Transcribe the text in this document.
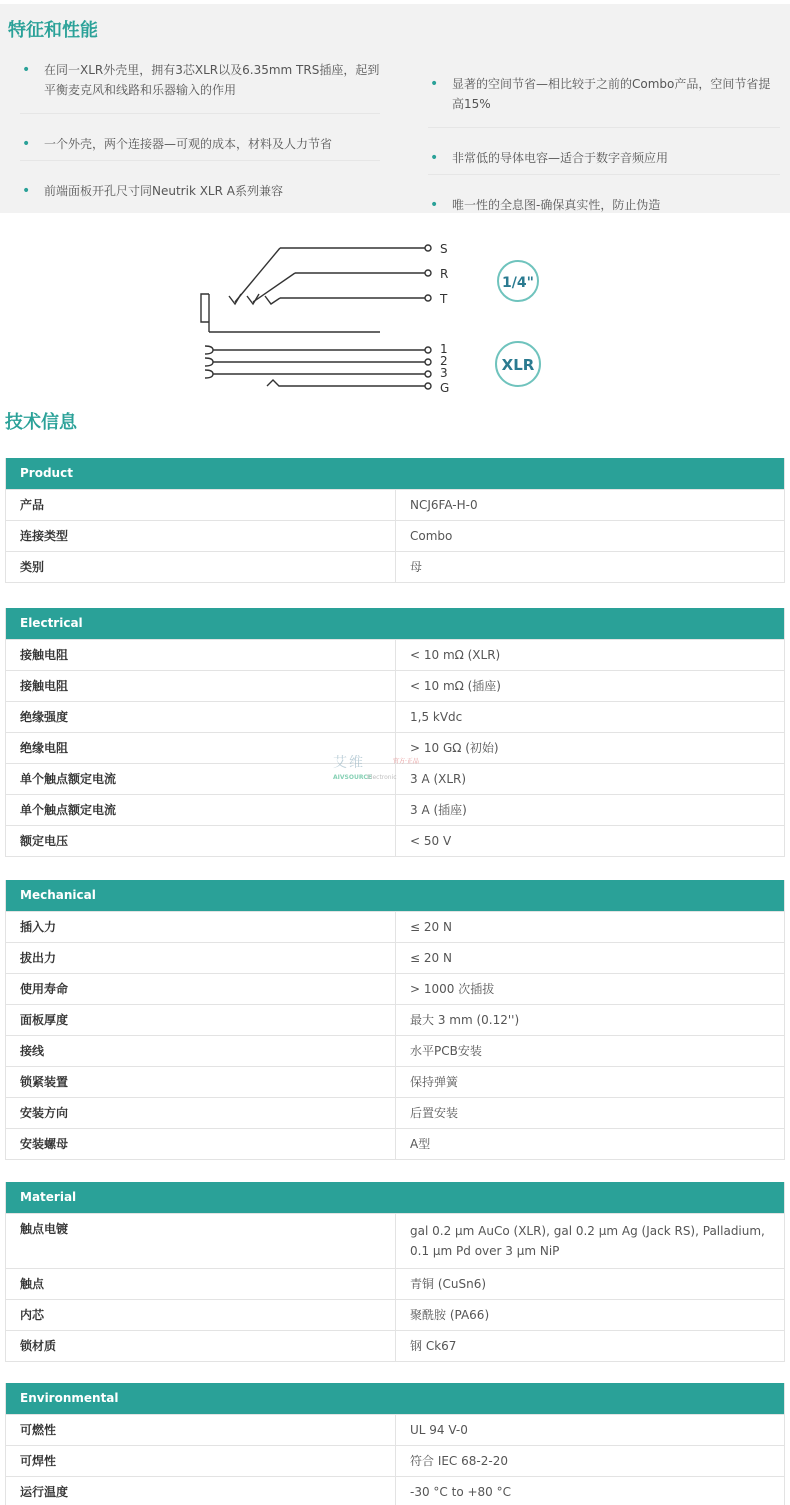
特征和性能
• 在同一XLR外壳里，拥有3芯XLR以及6.35mm TRS插座，起到平衡麦克风和线路和乐器输入的作用
• 一个外壳，两个连接器—可观的成本，材料及人力节省
• 前端面板开孔尺寸同Neutrik XLR A系列兼容
• 显著的空间节省—相比较于之前的Combo产品，空间节省提高15%
• 非常低的导体电容—适合于数字音频应用
• 唯一性的全息图-确保真实性，防止伪造
S
R
T
1
2
3
G
1/4"
XLR
技术信息
Product
产品	NCJ6FA-H-0
连接类型	Combo
类别	母
Electrical
接触电阻	< 10 mΩ (XLR)
接触电阻	< 10 mΩ (插座)
绝缘强度	1,5 kVdc
绝缘电阻	> 10 GΩ (初始)
单个触点额定电流	3 A (XLR)
单个触点额定电流	3 A (插座)
额定电压	< 50 V
Mechanical
插入力	≤ 20 N
拔出力	≤ 20 N
使用寿命	> 1000 次插拔
面板厚度	最大 3 mm (0.12'')
接线	水平PCB安装
锁紧装置	保持弹簧
安装方向	后置安装
安装螺母	A型
Material
触点电镀	gal 0.2 µm AuCo (XLR), gal 0.2 µm Ag (Jack RS), Palladium, 0.1 µm Pd over 3 µm NiP
触点	青铜 (CuSn6)
内芯	聚酰胺 (PA66)
锁材质	钢 Ck67
Environmental
可燃性	UL 94 V-0
可焊性	符合 IEC 68-2-20
运行温度	-30 °C to +80 °C
艾维	官方·正品
AIVSOURCE
Electronic
